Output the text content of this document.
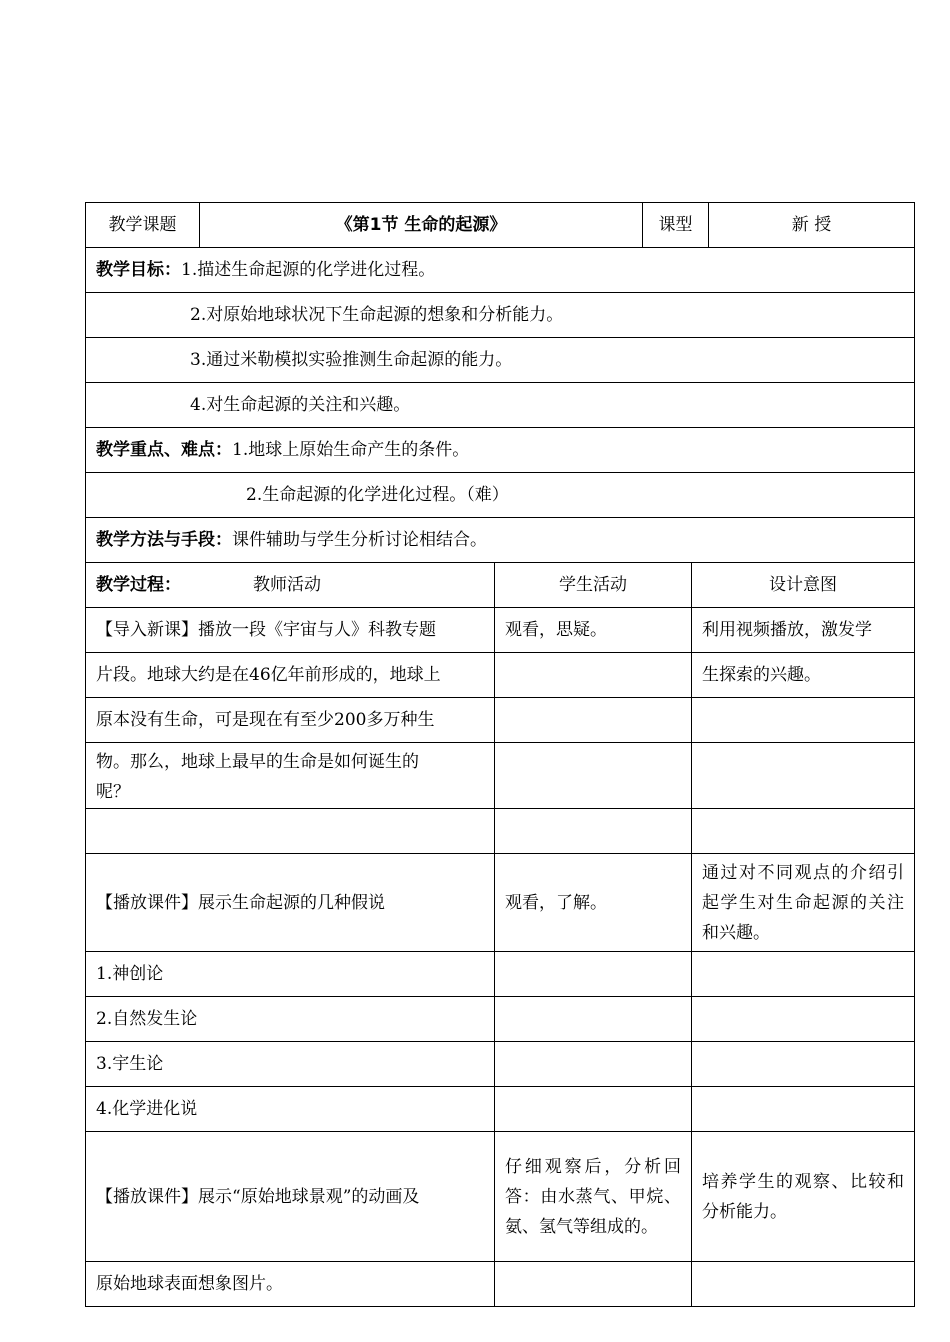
教学课题	《第1节 生命的起源》		课型		新 授
教学目标：1.描述生命起源的化学进化过程。					
2.对原始地球状况下生命起源的想象和分析能力。					
3.通过米勒模拟实验推测生命起源的能力。					
4.对生命起源的关注和兴趣。					
教学重点、难点：1.地球上原始生命产生的条件。					
2.生命起源的化学进化过程。（难）					
教学方法与手段：课件辅助与学生分析讨论相结合。					
教学过程： 教师活动		学生活动		设计意图	
【导入新课】播放一段《宇宙与人》科教专题		观看，思疑。		利用视频播放，激发学	
片段。地球大约是在46亿年前形成的，地球上				生探索的兴趣。	
原本没有生命，可是现在有至少200多万种生					

物。那么，地球上最早的生命是如何诞生的
呢？					

【播放课件】展示生命起源的几种假说		观看，了解。		通过对不同观点的介绍引起学生对生命起源的关注和兴趣。	
1.神创论					
2.自然发生论					
3.宇生论					
4.化学进化说					
【播放课件】展示“原始地球景观”的动画及		仔细观察后，分析回答：由水蒸气、甲烷、氨、氢气等组成的。		培养学生的观察、比较和分析能力。	
原始地球表面想象图片。					
